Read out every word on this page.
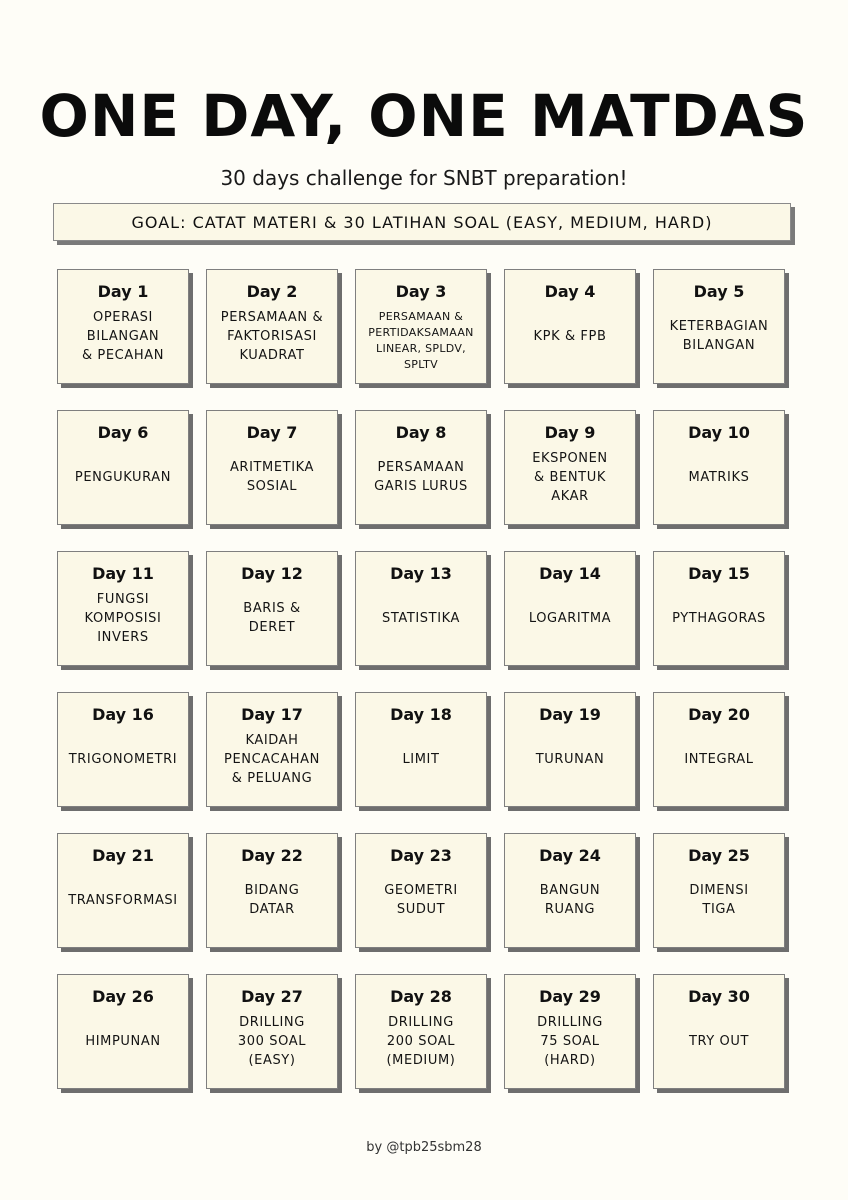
ONE DAY, ONE MATDAS
30 days challenge for SNBT preparation!
GOAL: CATAT MATERI & 30 LATIHAN SOAL (EASY, MEDIUM, HARD)
Day 1
OPERASI
BILANGAN
& PECAHAN
Day 2
PERSAMAAN &
FAKTORISASI
KUADRAT
Day 3
PERSAMAAN &
PERTIDAKSAMAAN
LINEAR, SPLDV,
SPLTV
Day 4
KPK & FPB
Day 5
KETERBAGIAN
BILANGAN
Day 6
PENGUKURAN
Day 7
ARITMETIKA
SOSIAL
Day 8
PERSAMAAN
GARIS LURUS
Day 9
EKSPONEN
& BENTUK
AKAR
Day 10
MATRIKS
Day 11
FUNGSI
KOMPOSISI
INVERS
Day 12
BARIS &
DERET
Day 13
STATISTIKA
Day 14
LOGARITMA
Day 15
PYTHAGORAS
Day 16
TRIGONOMETRI
Day 17
KAIDAH
PENCACAHAN
& PELUANG
Day 18
LIMIT
Day 19
TURUNAN
Day 20
INTEGRAL
Day 21
TRANSFORMASI
Day 22
BIDANG
DATAR
Day 23
GEOMETRI
SUDUT
Day 24
BANGUN
RUANG
Day 25
DIMENSI
TIGA
Day 26
HIMPUNAN
Day 27
DRILLING
300 SOAL
(EASY)
Day 28
DRILLING
200 SOAL
(MEDIUM)
Day 29
DRILLING
75 SOAL
(HARD)
Day 30
TRY OUT
by @tpb25sbm28
